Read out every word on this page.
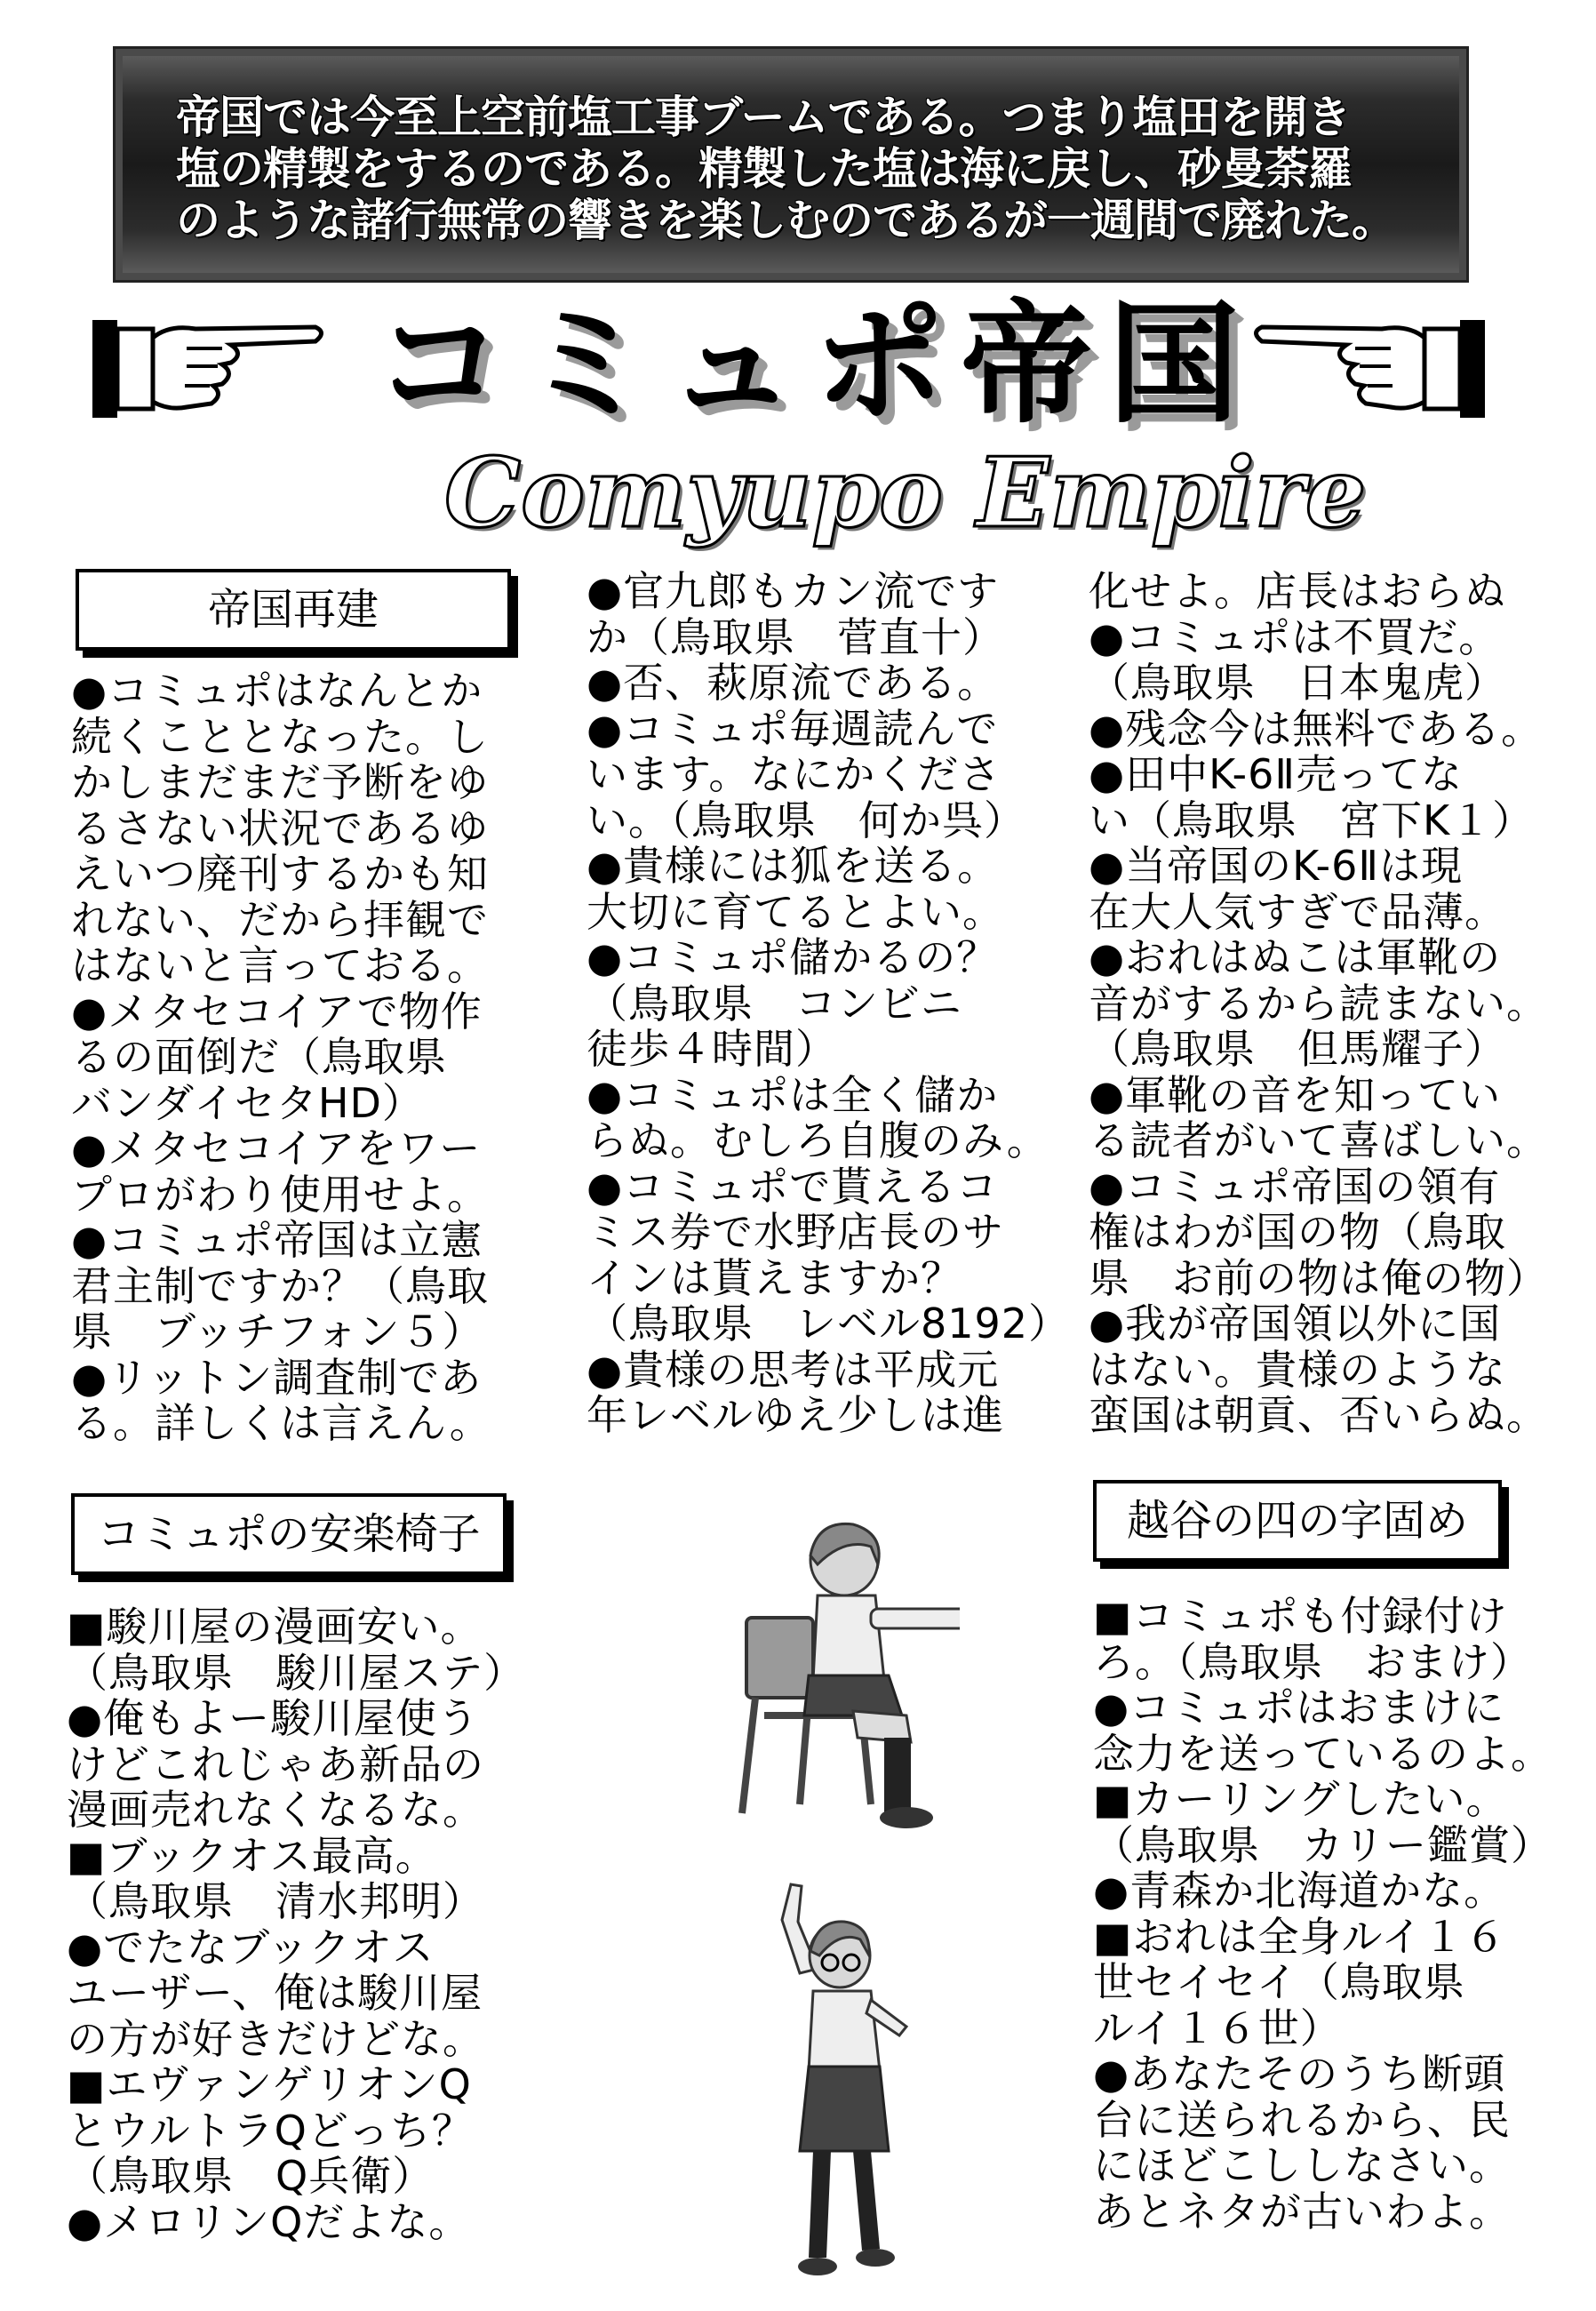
帝国では今至上空前塩工事ブームである。つまり塩田を開き
塩の精製をするのである。精製した塩は海に戻し、砂曼荼羅
のような諸行無常の響きを楽しむのであるが一週間で廃れた。
コミュポ帝国
Comyupo Empire
帝国再建
コミュポの安楽椅子	越谷の四の字固め
●コミュポはなんとか
続くこととなった。し
かしまだまだ予断をゆ
るさない状況であるゆ
えいつ廃刊するかも知
れない、だから拝観で
はないと言っておる。
●メタセコイアで物作
るの面倒だ（鳥取県
バンダイセタHD）
●メタセコイアをワー
プロがわり使用せよ。
●コミュポ帝国は立憲
君主制ですか？（鳥取
県　ブッチフォン５）
●リットン調査制であ
る。詳しくは言えん。
■駿川屋の漫画安い。
（鳥取県　駿川屋ステ）
●俺もよー駿川屋使う
けどこれじゃあ新品の
漫画売れなくなるな。
■ブックオス最高。
（鳥取県　清水邦明）
●でたなブックオス
ユーザー、俺は駿川屋
の方が好きだけどな。
■エヴァンゲリオンQ
とウルトラQどっち？
（鳥取県　Q兵衛）
●メロリンQだよな。
●官九郎もカン流です
か（鳥取県　菅直十）
●否、萩原流である。
●コミュポ毎週読んで
います。なにかくださ
い。（鳥取県　何か呉）
●貴様には狐を送る。
大切に育てるとよい。
●コミュポ儲かるの？
（鳥取県　コンビニ
徒歩４時間）
●コミュポは全く儲か
らぬ。むしろ自腹のみ。
●コミュポで貰えるコ
ミス券で水野店長のサ
インは貰えますか？
（鳥取県　レベル8192）
●貴様の思考は平成元
年レベルゆえ少しは進
化せよ。店長はおらぬ
●コミュポは不買だ。
（鳥取県　日本鬼虎）
●残念今は無料である。
●田中K-6Ⅱ売ってな
い（鳥取県　宮下K１）
●当帝国のK-6Ⅱは現
在大人気すぎで品薄。
●おれはぬこは軍靴の
音がするから読まない。
（鳥取県　但馬耀子）
●軍靴の音を知ってい
る読者がいて喜ばしい。
●コミュポ帝国の領有
権はわが国の物（鳥取
県　お前の物は俺の物）
●我が帝国領以外に国
はない。貴様のような
蛮国は朝貢、否いらぬ。
■コミュポも付録付け
ろ。（鳥取県　おまけ）
●コミュポはおまけに
念力を送っているのよ。
■カーリングしたい。
（鳥取県　カリー鑑賞）
●青森か北海道かな。
■おれは全身ルイ１６
世セイセイ（鳥取県
ルイ１６世）
●あなたそのうち断頭
台に送られるから、民
にほどこししなさい。
あとネタが古いわよ。
